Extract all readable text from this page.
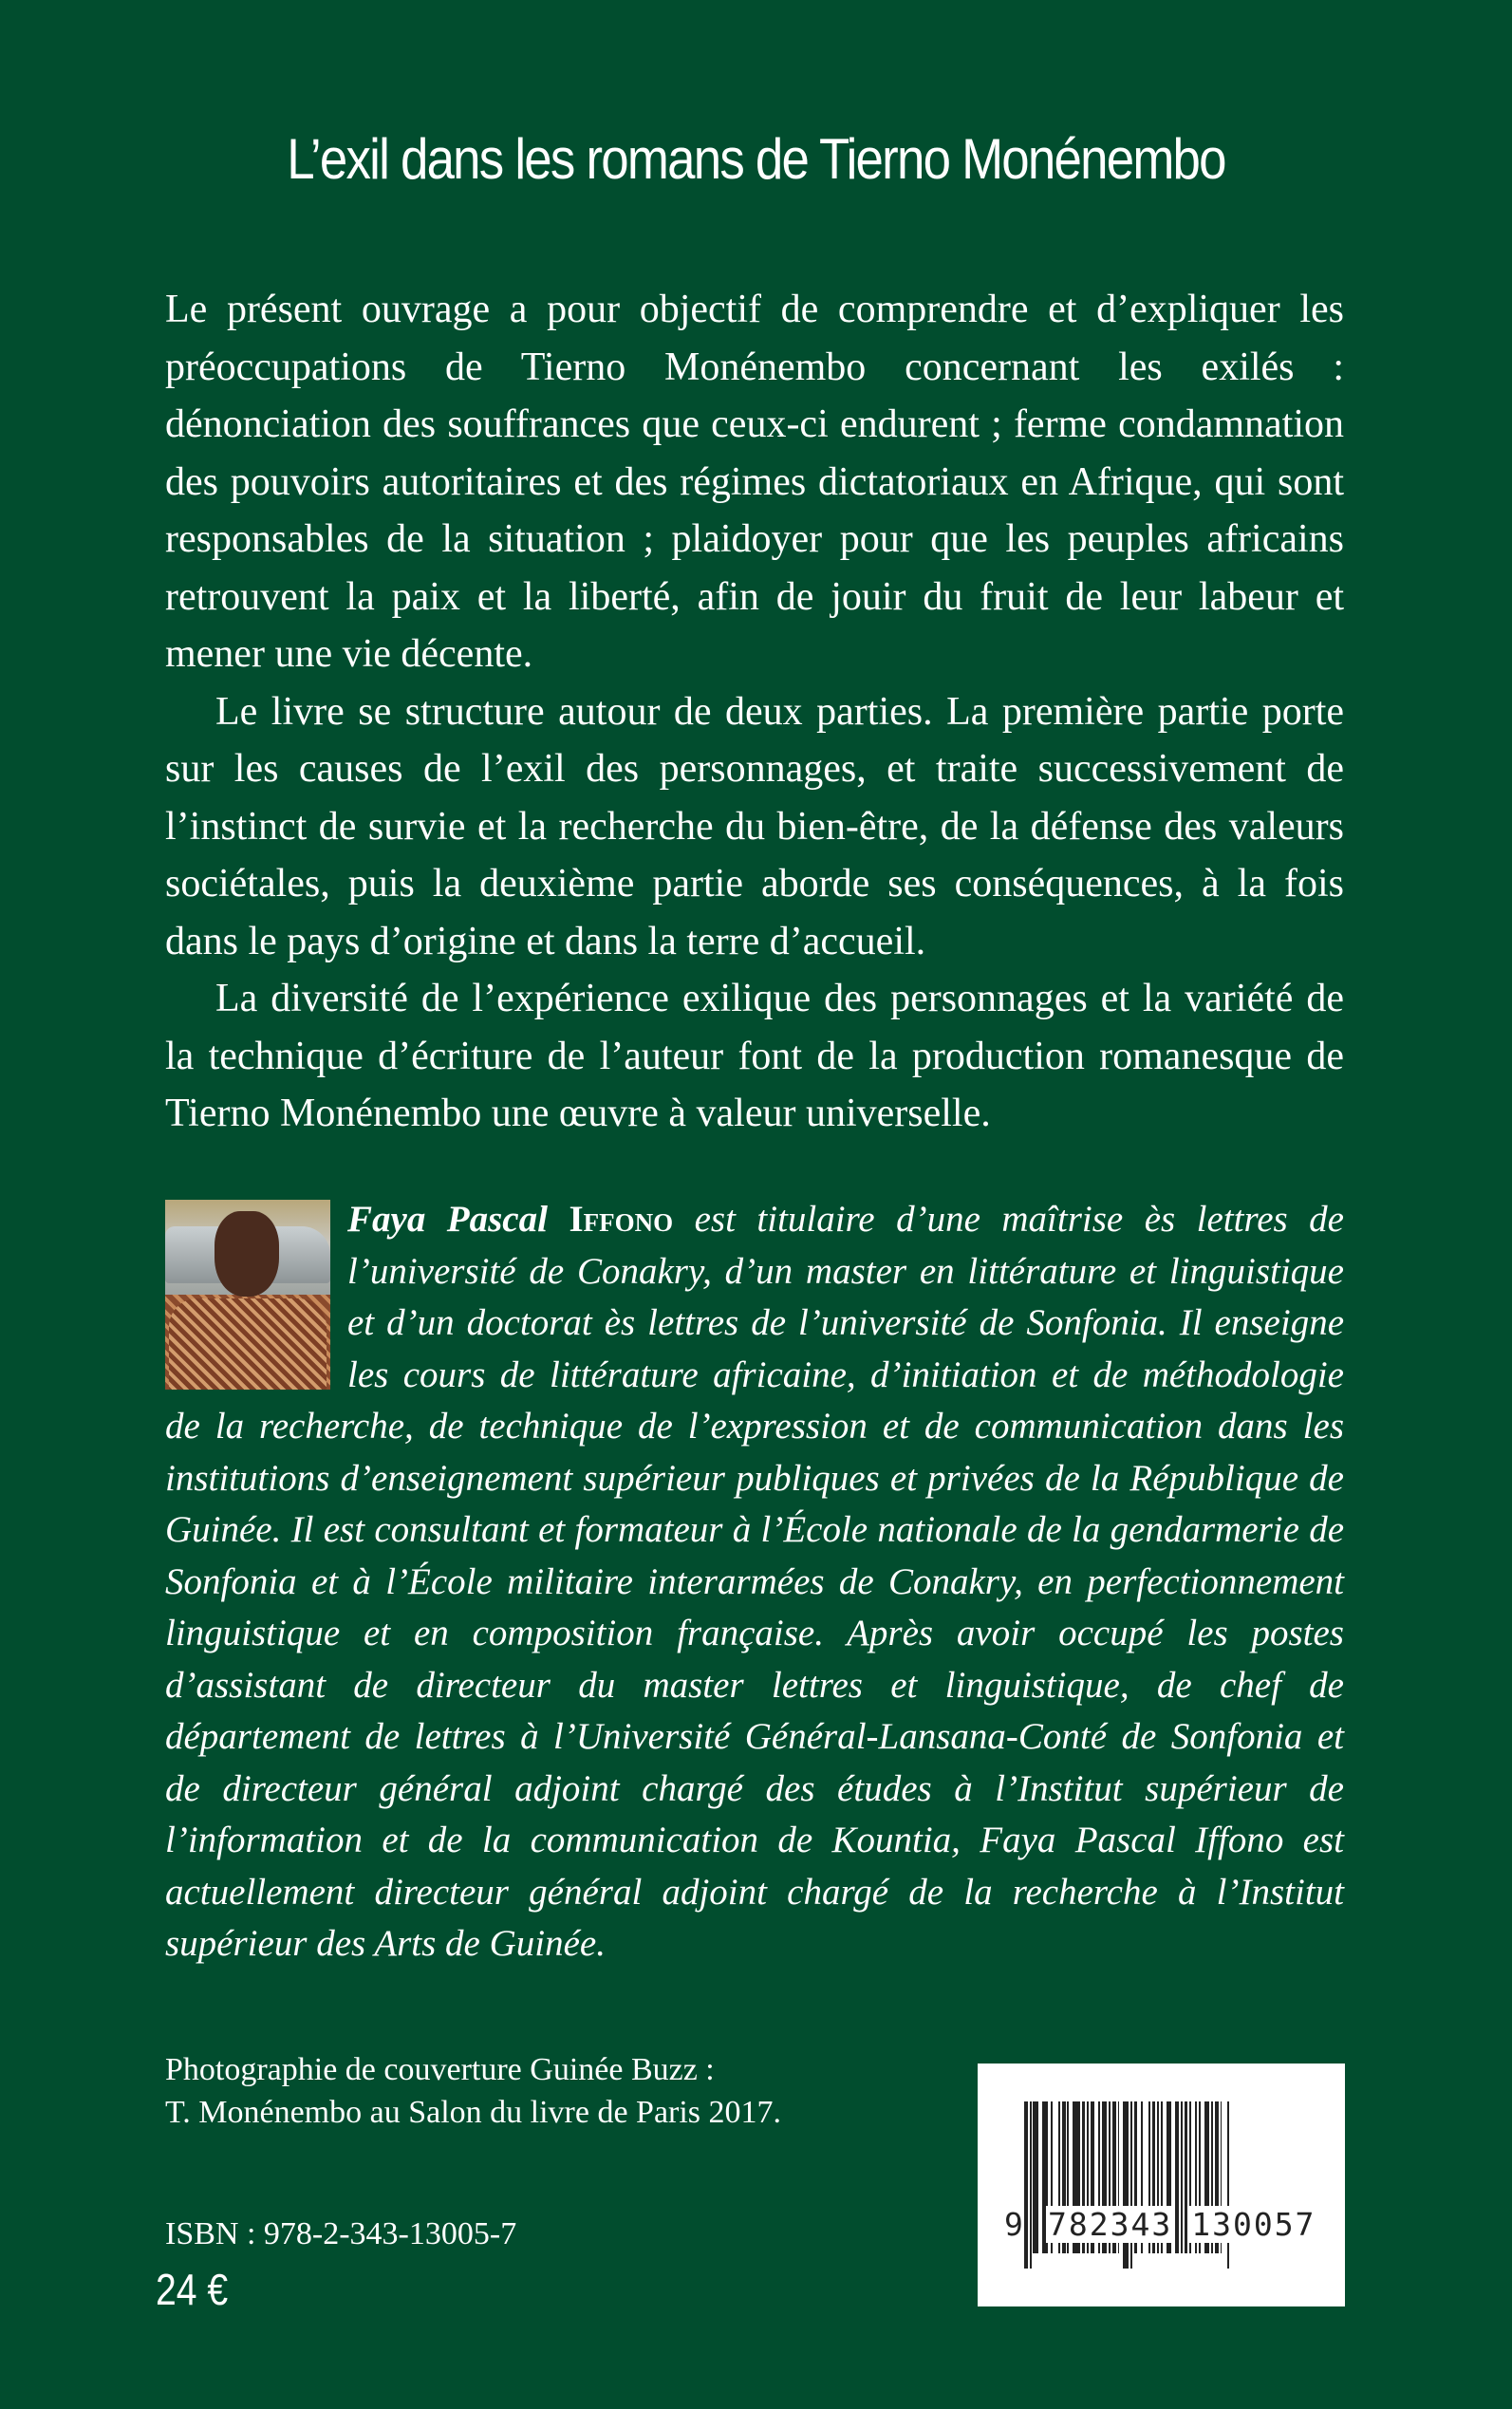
L’exil dans les romans de Tierno Monénembo

Le présent ouvrage a pour objectif de comprendre et d’expliquer les préoccupations de Tierno Monénembo concernant les exilés : dénonciation des souffrances que ceux-ci endurent ; ferme condamnation des pouvoirs autoritaires et des régimes dictatoriaux en Afrique, qui sont responsables de la situation ; plaidoyer pour que les peuples africains retrouvent la paix et la liberté, afin de jouir du fruit de leur labeur et mener une vie décente.

Le livre se structure autour de deux parties. La première partie porte sur les causes de l’exil des personnages, et traite successivement de l’instinct de survie et la recherche du bien-être, de la défense des valeurs sociétales, puis la deuxième partie aborde ses conséquences, à la fois dans le pays d’origine et dans la terre d’accueil.

La diversité de l’expérience exilique des personnages et la variété de la technique d’écriture de l’auteur font de la production romanesque de Tierno Monénembo une œuvre à valeur universelle.

Faya Pascal Iffono est titulaire d’une maîtrise ès lettres de l’université de Conakry, d’un master en littérature et linguistique et d’un doctorat ès lettres de l’université de Sonfonia. Il enseigne les cours de littérature africaine, d’initiation et de méthodologie de la recherche, de technique de l’expression et de communication dans les institutions d’enseignement supérieur publiques et privées de la République de Guinée. Il est consultant et formateur à l’École nationale de la gendarmerie de Sonfonia et à l’École militaire interarmées de Conakry, en perfectionnement linguistique et en composition française. Après avoir occupé les postes d’assistant de directeur du master lettres et linguistique, de chef de département de lettres à l’Université Général-Lansana-Conté de Sonfonia et de directeur général adjoint chargé des études à l’Institut supérieur de l’information et de la communication de Kountia, Faya Pascal Iffono est actuellement directeur général adjoint chargé de la recherche à l’Institut supérieur des Arts de Guinée.
Photographie de couverture Guinée Buzz :
T. Monénembo au Salon du livre de Paris 2017.
ISBN : 978-2-343-13005-7
24 €
9 782343 130057
